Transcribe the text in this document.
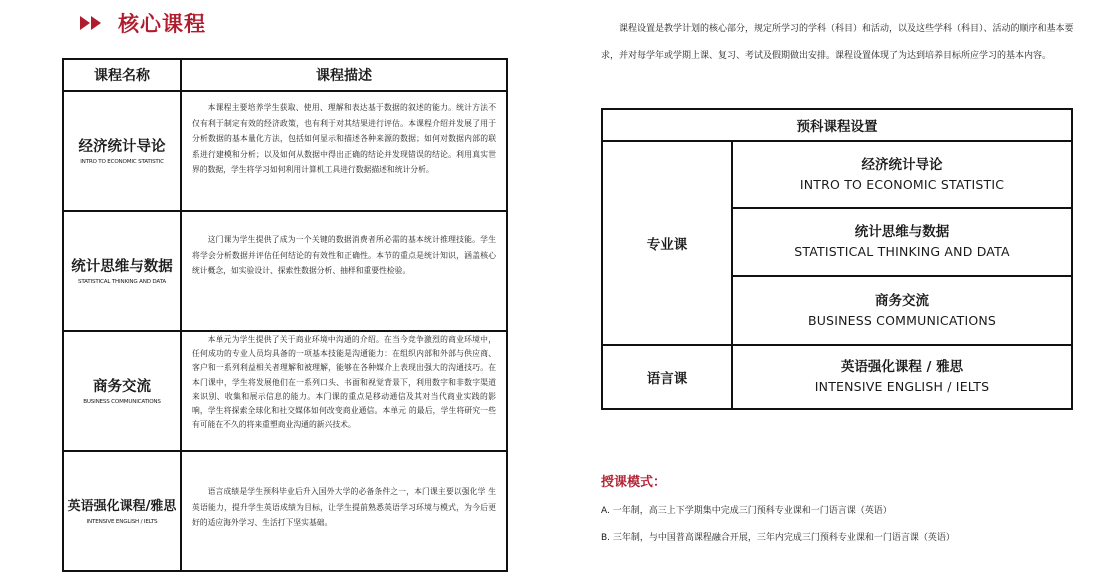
核心课程
课程名称	课程描述
经济统计导论
INTRO TO ECONOMIC STATISTIC

本课程主要培养学生获取、使用、理解和表达基于数据的叙述的能力。统计方法不仅有利于制定有效的经济政策，也有利于对其结果进行评估。本课程介绍并发展了用于分析数据的基本量化方法，包括如何显示和描述各种来源的数据；如何对数据内部的联系进行建模和分析；以及如何从数据中得出正确的结论并发现错误的结论。利用真实世界的数据，学生将学习如何利用计算机工具进行数据描述和统计分析。

统计思维与数据
STATISTICAL THINKING AND DATA

这门课为学生提供了成为一个关键的数据消费者所必需的基本统计推理技能。学生将学会分析数据并评估任何结论的有效性和正确性。本节的重点是统计知识，涵盖核心统计概念，如实验设计、探索性数据分析、抽样和重要性检验。

商务交流
BUSINESS COMMUNICATIONS

本单元为学生提供了关于商业环境中沟通的介绍。在当今竞争激烈的商业环境中，任何成功的专业人员均具备的一项基本技能是沟通能力：在组织内部和外部与供应商、客户和一系列利益相关者理解和被理解，能够在各种媒介上表现出强大的沟通技巧。在本门课中，学生将发展他们在一系列口头、书面和视觉背景下，利用数字和非数字渠道来识别、收集和展示信息的能力。本门课的重点是移动通信及其对当代商业实践的影响，学生将探索全球化和社交媒体如何改变商业通信。本单元 的最后，学生将研究一些有可能在不久的将来重塑商业沟通的新兴技术。

英语强化课程/雅思
INTENSIVE ENGLISH / IELTS

语言成绩是学生预科毕业后升入国外大学的必备条件之一，本门课主要以强化学 生英语能力，提升学生英语成绩为目标，让学生提前熟悉英语学习环境与模式，为今后更好的适应海外学习、生活打下坚实基础。

课程设置是教学计划的核心部分，规定所学习的学科（科目）和活动，以及这些学科（科目）、活动的顺序和基本要求，并对每学年或学期上课、复习、考试及假期做出安排。课程设置体现了为达到培养目标所应学习的基本内容。

预科课程设置
专业课
语言课
经济统计导论
INTRO TO ECONOMIC STATISTIC
统计思维与数据
STATISTICAL THINKING AND DATA
商务交流
BUSINESS COMMUNICATIONS
英语强化课程 / 雅思
INTENSIVE ENGLISH / IELTS

授课模式：

A. 一年制，高三上下学期集中完成三门预科专业课和一门语言课（英语）

B. 三年制，与中国普高课程融合开展，三年内完成三门预科专业课和一门语言课（英语）
